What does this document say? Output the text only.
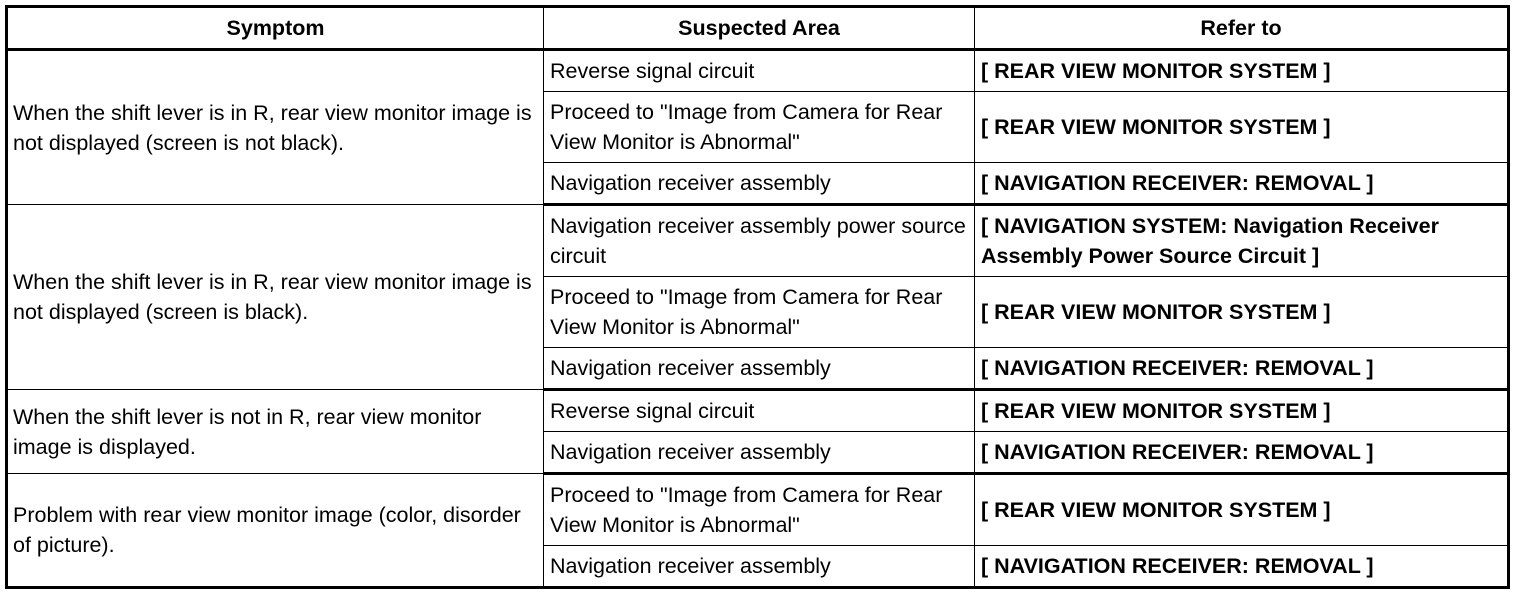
Symptom	Suspected Area	Refer to
When the shift lever is in R, rear view monitor image is not displayed (screen is not black).	Reverse signal circuit	[ REAR VIEW MONITOR SYSTEM ]
	Proceed to "Image from Camera for Rear View Monitor is Abnormal"	[ REAR VIEW MONITOR SYSTEM ]
	Navigation receiver assembly	[ NAVIGATION RECEIVER: REMOVAL ]
When the shift lever is in R, rear view monitor image is not displayed (screen is black).	Navigation receiver assembly power source circuit	[ NAVIGATION SYSTEM: Navigation Receiver Assembly Power Source Circuit ]
	Proceed to "Image from Camera for Rear View Monitor is Abnormal"	[ REAR VIEW MONITOR SYSTEM ]
	Navigation receiver assembly	[ NAVIGATION RECEIVER: REMOVAL ]
When the shift lever is not in R, rear view monitor image is displayed.	Reverse signal circuit	[ REAR VIEW MONITOR SYSTEM ]
	Navigation receiver assembly	[ NAVIGATION RECEIVER: REMOVAL ]
Problem with rear view monitor image (color, disorder of picture).	Proceed to "Image from Camera for Rear View Monitor is Abnormal"	[ REAR VIEW MONITOR SYSTEM ]
	Navigation receiver assembly	[ NAVIGATION RECEIVER: REMOVAL ]
